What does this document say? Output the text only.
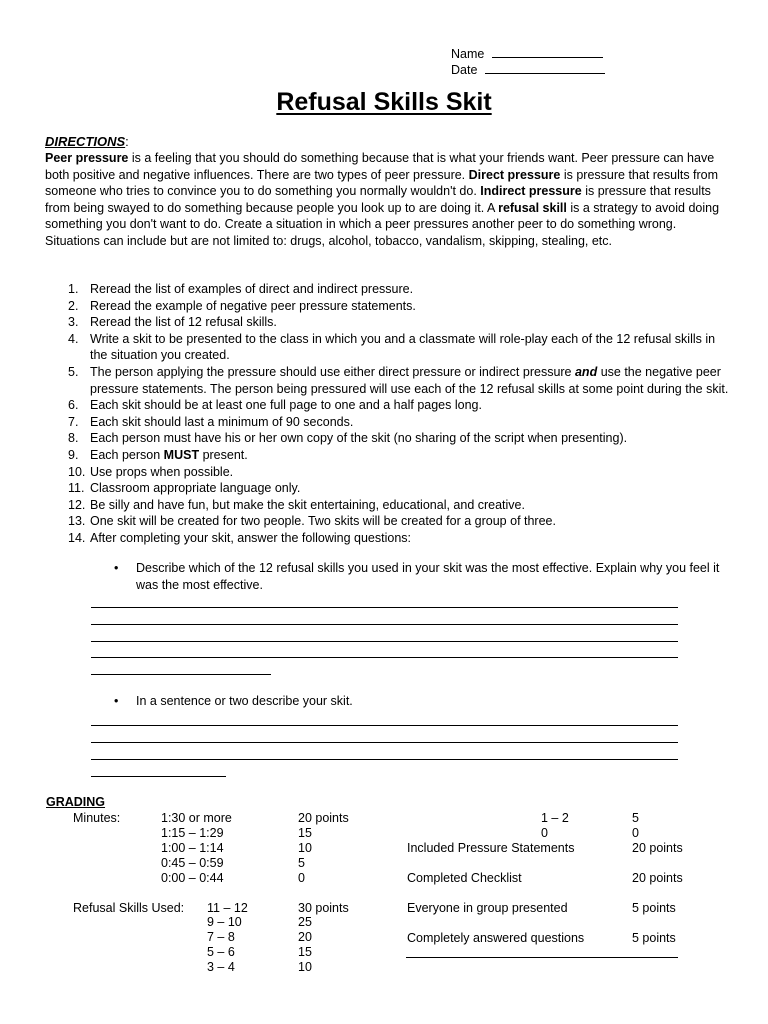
Name
Date
Refusal Skills Skit
DIRECTIONS:
Peer pressure is a feeling that you should do something because that is what your friends want. Peer pressure can have both positive and negative influences. There are two types of peer pressure. Direct pressure is pressure that results from someone who tries to convince you to do something you normally wouldn't do. Indirect pressure is pressure that results from being swayed to do something because people you look up to are doing it. A refusal skill is a strategy to avoid doing something you don't want to do. Create a situation in which a peer pressures another peer to do something wrong. Situations can include but are not limited to: drugs, alcohol, tobacco, vandalism, skipping, stealing, etc.
1. Reread the list of examples of direct and indirect pressure.
2. Reread the example of negative peer pressure statements.
3. Reread the list of 12 refusal skills.
4. Write a skit to be presented to the class in which you and a classmate will role-play each of the 12 refusal skills in the situation you created.
5. The person applying the pressure should use either direct pressure or indirect pressure and use the negative peer pressure statements. The person being pressured will use each of the 12 refusal skills at some point during the skit.
6. Each skit should be at least one full page to one and a half pages long.
7. Each skit should last a minimum of 90 seconds.
8. Each person must have his or her own copy of the skit (no sharing of the script when presenting).
9. Each person MUST present.
10. Use props when possible.
11. Classroom appropriate language only.
12. Be silly and have fun, but make the skit entertaining, educational, and creative.
13. One skit will be created for two people. Two skits will be created for a group of three.
14. After completing your skit, answer the following questions:
•	Describe which of the 12 refusal skills you used in your skit was the most effective. Explain why you feel it was the most effective.
•	In a sentence or two describe your skit.
GRADING
Minutes:	1:30 or more	20 points
1:15 – 1:29	15
1:00 – 1:14	10
0:45 – 0:59	5
0:00 – 0:44	0
Refusal Skills Used: 11 – 12	30 points
9 – 10	25
7 – 8	20
5 – 6	15
3 – 4	10
1 – 2	5
0	0
Included Pressure Statements	20 points
Completed Checklist	20 points
Everyone in group presented	5 points
Completely answered questions	5 points
